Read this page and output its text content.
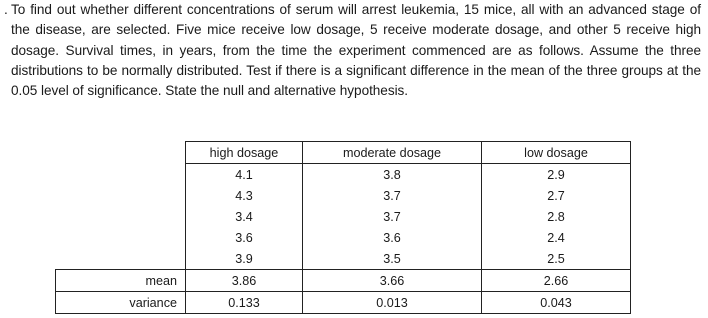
. To find out whether different concentrations of serum will arrest leukemia, 15 mice, all with an advanced stage of the disease, are selected. Five mice receive low dosage, 5 receive moderate dosage, and other 5 receive high dosage. Survival times, in years, from the time the experiment commenced are as follows. Assume the three distributions to be normally distributed. Test if there is a significant difference in the mean of the three groups at the 0.05 level of significance. State the null and alternative hypothesis.
	high dosage	moderate dosage	low dosage
	4.1	3.8	2.9
	4.3	3.7	2.7
	3.4	3.7	2.8
	3.6	3.6	2.4
	3.9	3.5	2.5
mean	3.86	3.66	2.66
variance	0.133	0.013	0.043
